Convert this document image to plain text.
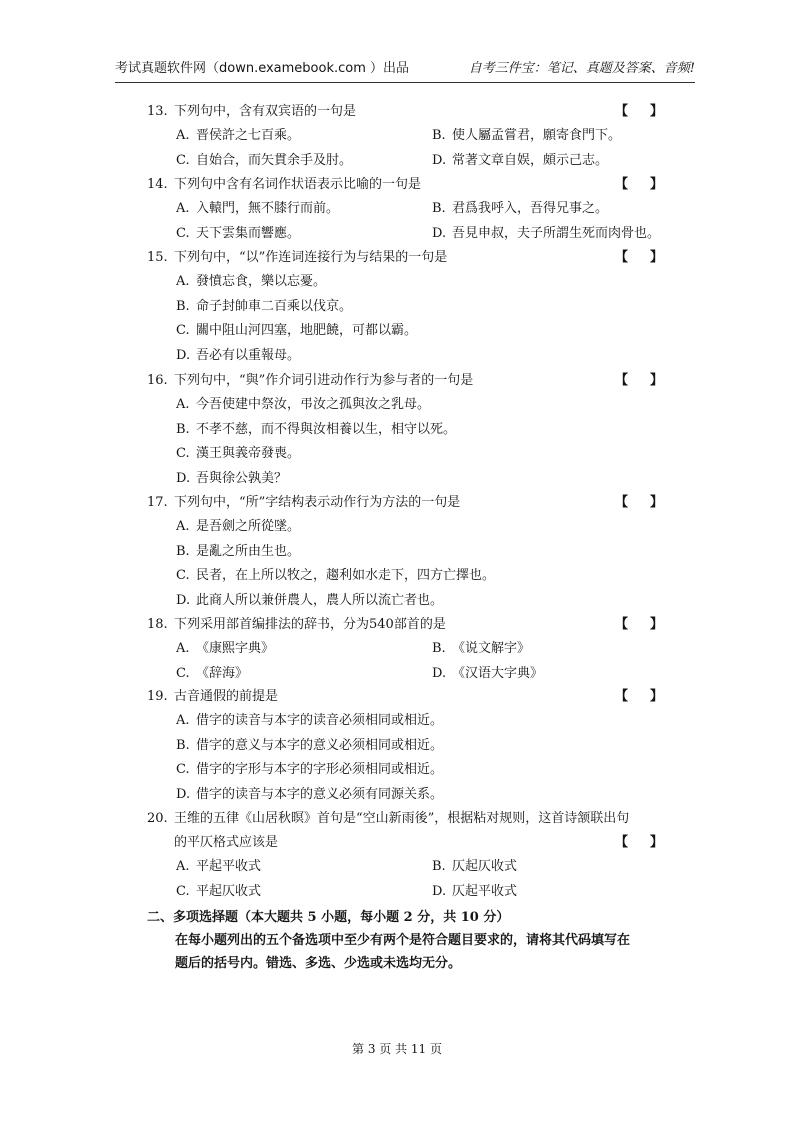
考试真题软件网（down.examebook.com ）出品	自考三件宝：笔记、真题及答案、音频!
13. 下列句中，含有双宾语的一句是	【】
A. 晋侯許之七百乘。	B. 使人屬孟嘗君，願寄食門下。
C. 自始合，而矢貫余手及肘。	D. 常著文章自娱，頗示己志。
14. 下列句中含有名词作状语表示比喻的一句是	【】
A. 入轅門，無不膝行而前。	B. 君爲我呼入，吾得兄事之。
C. 天下雲集而響應。	D. 吾見申叔，夫子所謂生死而肉骨也。
15. 下列句中，“以”作连词连接行为与结果的一句是	【】
A. 發憤忘食，樂以忘憂。
B. 命子封帥車二百乘以伐京。
C. 關中阻山河四塞，地肥饒，可都以霸。
D. 吾必有以重報母。
16. 下列句中，“與”作介词引进动作行为参与者的一句是	【】
A. 今吾使建中祭汝，弔汝之孤與汝之乳母。
B. 不孝不慈，而不得與汝相養以生，相守以死。
C. 漢王與義帝發喪。
D. 吾與徐公孰美？
17. 下列句中，“所”字结构表示动作行为方法的一句是	【】
A. 是吾劍之所從墜。
B. 是亂之所由生也。
C. 民者，在上所以牧之，趨利如水走下，四方亡擇也。
D. 此商人所以兼併農人，農人所以流亡者也。
18. 下列采用部首编排法的辞书，分为540部首的是	【】
A. 《康熙字典》	B. 《说文解字》
C. 《辞海》	D. 《汉语大字典》
19. 古音通假的前提是	【】
A. 借字的读音与本字的读音必须相同或相近。
B. 借字的意义与本字的意义必须相同或相近。
C. 借字的字形与本字的字形必须相同或相近。
D. 借字的读音与本字的意义必须有同源关系。
20. 王维的五律《山居秋暝》首句是“空山新雨後”，根据粘对规则，这首诗颔联出句
的平仄格式应该是	【】
A. 平起平收式	B. 仄起仄收式
C. 平起仄收式	D. 仄起平收式
二、多项选择题（本大题共 5 小题，每小题 2 分，共 10 分）
在每小题列出的五个备选项中至少有两个是符合题目要求的，请将其代码填写在
题后的括号内。错选、多选、少选或未选均无分。
第 3 页 共 11 页
